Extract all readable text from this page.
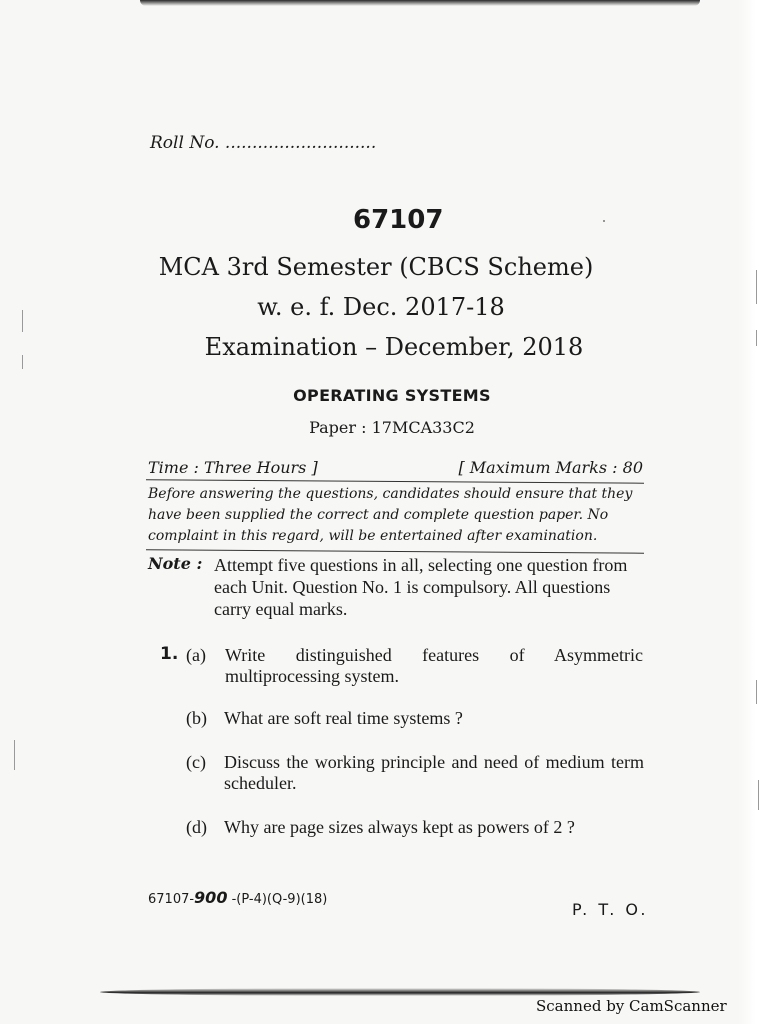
Roll No. ............................
67107
MCA 3rd Semester (CBCS Scheme)
w. e. f. Dec. 2017-18
Examination – December, 2018
OPERATING SYSTEMS
Paper : 17MCA33C2
Time : Three Hours ]	[ Maximum Marks : 80
Before answering the questions, candidates should ensure that they have been supplied the correct and complete question paper. No complaint in this regard, will be entertained after examination.
Note : Attempt five questions in all, selecting one question from each Unit. Question No. 1 is compulsory. All questions carry equal marks.
1. (a) Write distinguished features of Asymmetric multiprocessing system.
(b) What are soft real time systems ?
(c) Discuss the working principle and need of medium term scheduler.
(d) Why are page sizes always kept as powers of 2 ?
67107-900 -(P-4)(Q-9)(18)
P. T. O.
Scanned by CamScanner
